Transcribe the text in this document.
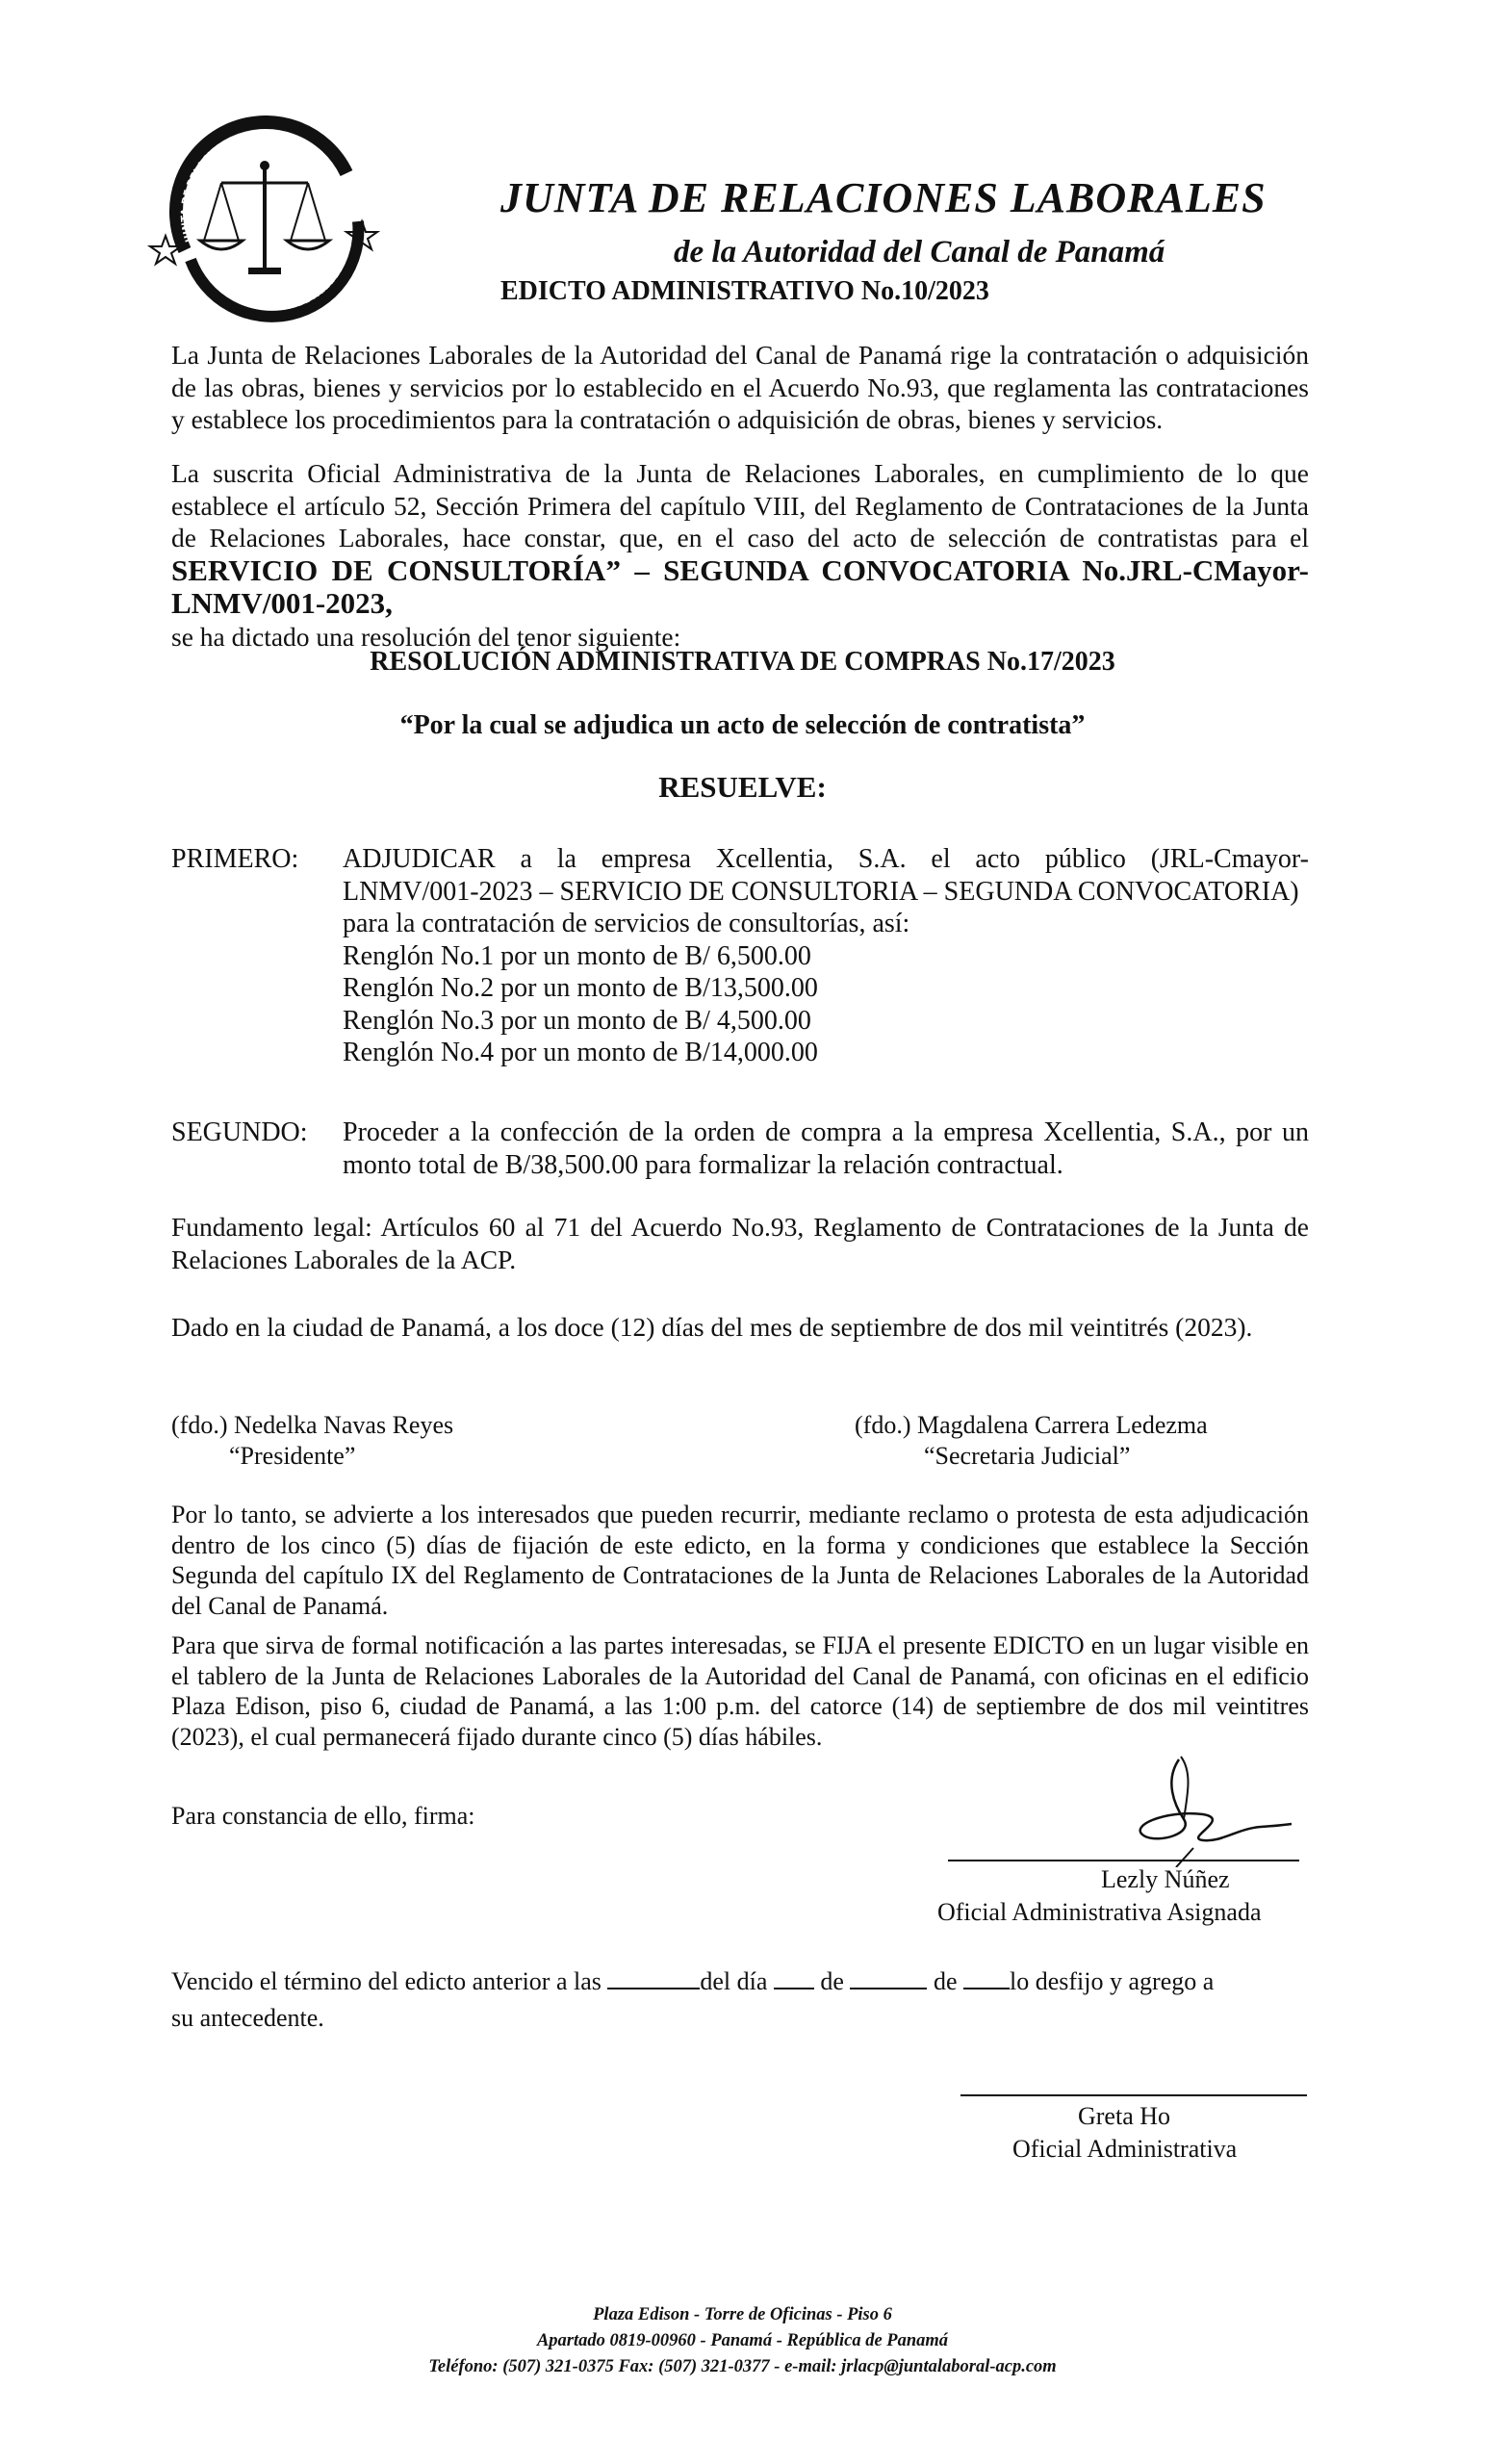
JUNTA DE RELACIONES LABORALES
AUTORIDAD DEL CANAL DE PANAMÁ
JUNTA DE RELACIONES LABORALES
de la Autoridad del Canal de Panamá
EDICTO ADMINISTRATIVO No.10/2023
La Junta de Relaciones Laborales de la Autoridad del Canal de Panamá rige la contratación o adquisición de las obras, bienes y servicios por lo establecido en el Acuerdo No.93, que reglamenta las contrataciones y establece los procedimientos para la contratación o adquisición de obras, bienes y servicios.
La suscrita Oficial Administrativa de la Junta de Relaciones Laborales, en cumplimiento de lo que establece el artículo 52, Sección Primera del capítulo VIII, del Reglamento de Contrataciones de la Junta de Relaciones Laborales, hace constar, que, en el caso del acto de selección de contratistas para el SERVICIO DE CONSULTORÍA” – SEGUNDA CONVOCATORIA No.JRL-CMayor-LNMV/001-2023,
se ha dictado una resolución del tenor siguiente:
RESOLUCIÓN ADMINISTRATIVA DE COMPRAS No.17/2023
“Por la cual se adjudica un acto de selección de contratista”
RESUELVE:
PRIMERO: ADJUDICAR a la empresa Xcellentia, S.A. el acto público (JRL-Cmayor-
LNMV/001-2023 – SERVICIO DE CONSULTORIA – SEGUNDA CONVOCATORIA)
para la contratación de servicios de consultorías, así:
Renglón No.1 por un monto de B/ 6,500.00
Renglón No.2 por un monto de B/13,500.00
Renglón No.3 por un monto de B/ 4,500.00
Renglón No.4 por un monto de B/14,000.00
SEGUNDO: Proceder a la confección de la orden de compra a la empresa Xcellentia, S.A., por un monto total de B/38,500.00 para formalizar la relación contractual.
Fundamento legal: Artículos 60 al 71 del Acuerdo No.93, Reglamento de Contrataciones de la Junta de Relaciones Laborales de la ACP.
Dado en la ciudad de Panamá, a los doce (12) días del mes de septiembre de dos mil veintitrés (2023).
(fdo.) Nedelka Navas Reyes
“Presidente”
(fdo.) Magdalena Carrera Ledezma
“Secretaria Judicial”
Por lo tanto, se advierte a los interesados que pueden recurrir, mediante reclamo o protesta de esta adjudicación dentro de los cinco (5) días de fijación de este edicto, en la forma y condiciones que establece la Sección Segunda del capítulo IX del Reglamento de Contrataciones de la Junta de Relaciones Laborales de la Autoridad del Canal de Panamá.
Para que sirva de formal notificación a las partes interesadas, se FIJA el presente EDICTO en un lugar visible en el tablero de la Junta de Relaciones Laborales de la Autoridad del Canal de Panamá, con oficinas en el edificio Plaza Edison, piso 6, ciudad de Panamá, a las 1:00 p.m. del catorce (14) de septiembre de dos mil veintitres (2023), el cual permanecerá fijado durante cinco (5) días hábiles.
Para constancia de ello, firma:
Lezly Núñez
Oficial Administrativa Asignada
Vencido el término del edicto anterior a las	del día de	de lo desfijo y agrego a
su antecedente.
Greta Ho
Oficial Administrativa
Plaza Edison - Torre de Oficinas - Piso 6
Apartado 0819-00960 - Panamá - República de Panamá
Teléfono: (507) 321-0375 Fax: (507) 321-0377 - e-mail: jrlacp@juntalaboral-acp.com
